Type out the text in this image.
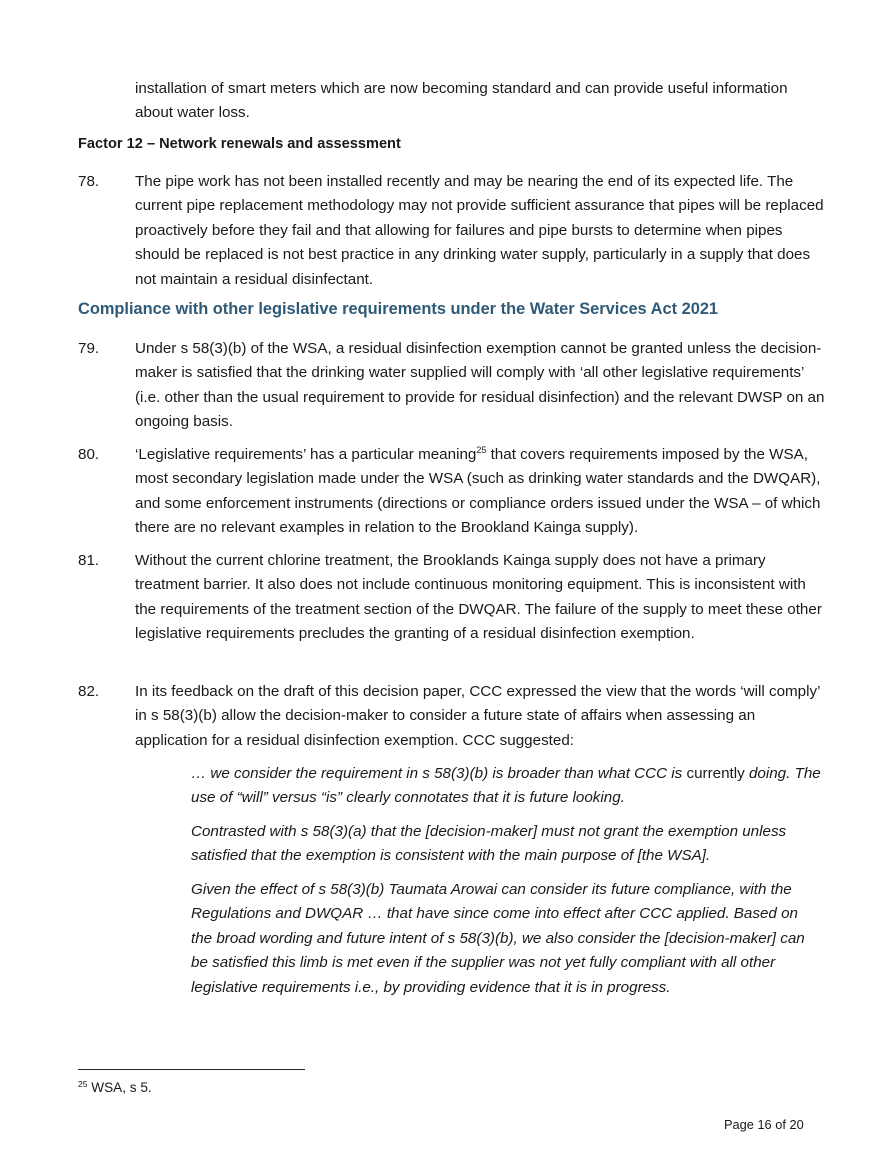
installation of smart meters which are now becoming standard and can provide useful information about water loss.

Factor 12 – Network renewals and assessment

78. The pipe work has not been installed recently and may be nearing the end of its expected life. The current pipe replacement methodology may not provide sufficient assurance that pipes will be replaced proactively before they fail and that allowing for failures and pipe bursts to determine when pipes should be replaced is not best practice in any drinking water supply, particularly in a supply that does not maintain a residual disinfectant.

Compliance with other legislative requirements under the Water Services Act 2021

79. Under s 58(3)(b) of the WSA, a residual disinfection exemption cannot be granted unless the decision-maker is satisfied that the drinking water supplied will comply with ‘all other legislative requirements’ (i.e. other than the usual requirement to provide for residual disinfection) and the relevant DWSP on an ongoing basis.

80. ‘Legislative requirements’ has a particular meaning$^{25}$ that covers requirements imposed by the WSA, most secondary legislation made under the WSA (such as drinking water standards and the DWQAR), and some enforcement instruments (directions or compliance orders issued under the WSA – of which there are no relevant examples in relation to the Brookland Kainga supply).

81. Without the current chlorine treatment, the Brooklands Kainga supply does not have a primary treatment barrier. It also does not include continuous monitoring equipment. This is inconsistent with the requirements of the treatment section of the DWQAR. The failure of the supply to meet these other legislative requirements precludes the granting of a residual disinfection exemption.

82. In its feedback on the draft of this decision paper, CCC expressed the view that the words ‘will comply’ in s 58(3)(b) allow the decision-maker to consider a future state of affairs when assessing an application for a residual disinfection exemption. CCC suggested:

… we consider the requirement in s 58(3)(b) is broader than what CCC is currently doing. The use of “will” versus “is” clearly connotates that it is future looking.

Contrasted with s 58(3)(a) that the [decision-maker] must not grant the exemption unless satisfied that the exemption is consistent with the main purpose of [the WSA].

Given the effect of s 58(3)(b) Taumata Arowai can consider its future compliance, with the Regulations and DWQAR … that have since come into effect after CCC applied. Based on the broad wording and future intent of s 58(3)(b), we also consider the [decision-maker] can be satisfied this limb is met even if the supplier was not yet fully compliant with all other legislative requirements i.e., by providing evidence that it is in progress.

$^{25}$ WSA, s 5.

Page 16 of 20
